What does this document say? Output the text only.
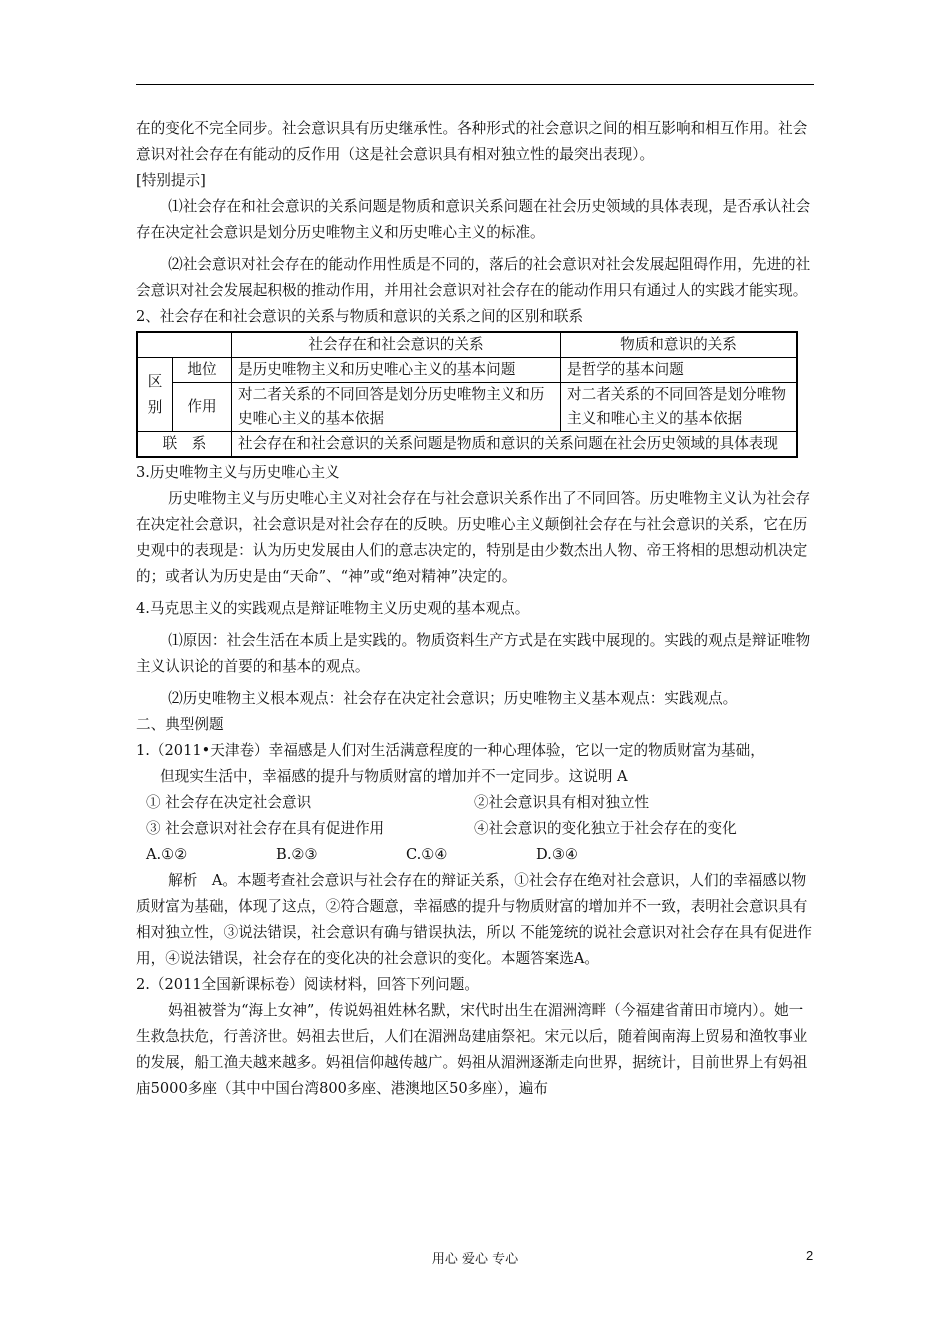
在的变化不完全同步。社会意识具有历史继承性。各种形式的社会意识之间的相互影响和相互作用。社会意识对社会存在有能动的反作用（这是社会意识具有相对独立性的最突出表现）。

[特别提示]

⑴社会存在和社会意识的关系问题是物质和意识关系问题在社会历史领域的具体表现，是否承认社会存在决定社会意识是划分历史唯物主义和历史唯心主义的标准。

⑵社会意识对社会存在的能动作用性质是不同的，落后的社会意识对社会发展起阻碍作用，先进的社会意识对社会发展起积极的推动作用，并用社会意识对社会存在的能动作用只有通过人的实践才能实现。

2、社会存在和社会意识的关系与物质和意识的关系之间的区别和联系

		社会存在和社会意识的关系	物质和意识的关系
区别	地位	是历史唯物主义和历史唯心主义的基本问题	是哲学的基本问题
	作用	对二者关系的不同回答是划分历史唯物主义和历史唯心主义的基本依据	对二者关系的不同回答是划分唯物主义和唯心主义的基本依据
联　系		社会存在和社会意识的关系问题是物质和意识的关系问题在社会历史领域的具体表现	

3.历史唯物主义与历史唯心主义

历史唯物主义与历史唯心主义对社会存在与社会意识关系作出了不同回答。历史唯物主义认为社会存在决定社会意识，社会意识是对社会存在的反映。历史唯心主义颠倒社会存在与社会意识的关系，它在历史观中的表现是：认为历史发展由人们的意志决定的，特别是由少数杰出人物、帝王将相的思想动机决定的；或者认为历史是由“天命”、“神”或“绝对精神”决定的。

4.马克思主义的实践观点是辩证唯物主义历史观的基本观点。

⑴原因：社会生活在本质上是实践的。物质资料生产方式是在实践中展现的。实践的观点是辩证唯物主义认识论的首要的和基本的观点。

⑵历史唯物主义根本观点：社会存在决定社会意识；历史唯物主义基本观点：实践观点。

二、典型例题

1.（2011•天津卷）幸福感是人们对生活满意程度的一种心理体验，它以一定的物质财富为基础，

但现实生活中，幸福感的提升与物质财富的增加并不一定同步。这说明 A

① 社会存在决定社会意识	②社会意识具有相对独立性
③ 社会意识对社会存在具有促进作用	④社会意识的变化独立于社会存在的变化
A.①②	B.②③	C.①④	D.③④

解析　A。本题考查社会意识与社会存在的辩证关系，①社会存在绝对社会意识，人们的幸福感以物质财富为基础，体现了这点，②符合题意，幸福感的提升与物质财富的增加并不一致，表明社会意识具有相对独立性，③说法错误，社会意识有确与错误执法，所以 不能笼统的说社会意识对社会存在具有促进作用，④说法错误，社会存在的变化决的社会意识的变化。本题答案选A。

2.（2011全国新课标卷）阅读材料，回答下列问题。

妈祖被誉为“海上女神”，传说妈祖姓林名默，宋代时出生在湄洲湾畔（今福建省莆田市境内）。她一生救急扶危，行善济世。妈祖去世后，人们在湄洲岛建庙祭祀。宋元以后，随着闽南海上贸易和渔牧事业的发展，船工渔夫越来越多。妈祖信仰越传越广。妈祖从湄洲逐渐走向世界，据统计，目前世界上有妈祖庙5000多座（其中中国台湾800多座、港澳地区50多座），遍布

用心 爱心 专心	2
